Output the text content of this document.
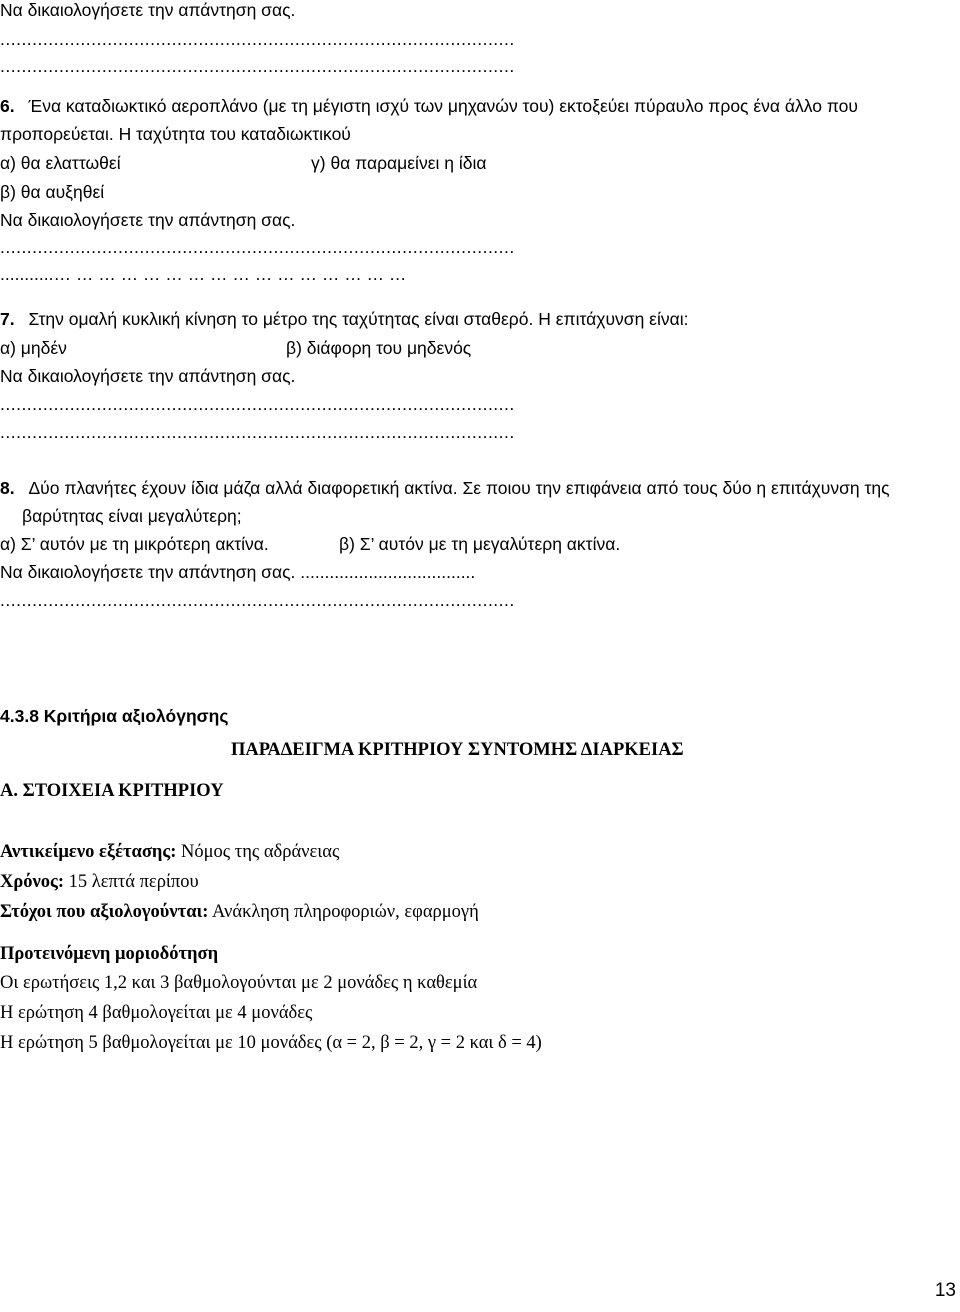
Να δικαιολογήσετε την απάντηση σας.
................................................................................................
................................................................................................
6. Ένα καταδιωκτικό αεροπλάνο (με τη μέγιστη ισχύ των μηχανών του) εκτοξεύει πύραυλο προς ένα άλλο που
προπορεύεται. Η ταχύτητα του καταδιωκτικού
α) θα ελαττωθεί	γ) θα παραμείνει η ίδια
β) θα αυξηθεί
Να δικαιολογήσετε την απάντηση σας.
................................................................................................
...........… … … … … … … … … … … … … … … …
7. Στην ομαλή κυκλική κίνηση το μέτρο της ταχύτητας είναι σταθερό. Η επιτάχυνση είναι:
α) μηδέν	β) διάφορη του μηδενός
Να δικαιολογήσετε την απάντηση σας.
................................................................................................
................................................................................................
8. Δύο πλανήτες έχουν ίδια μάζα αλλά διαφορετική ακτίνα. Σε ποιου την επιφάνεια από τους δύο η επιτάχυνση της
βαρύτητας είναι μεγαλύτερη;
α) Σ’ αυτόν με τη μικρότερη ακτίνα.	β) Σ’ αυτόν με τη μεγαλύτερη ακτίνα.
Να δικαιολογήσετε την απάντηση σας. ....................................
................................................................................................
4.3.8 Κριτήρια αξιολόγησης
ΠΑΡΑΔΕΙΓΜΑ ΚΡΙΤΗΡΙΟΥ ΣΥΝΤΟΜΗΣ ΔΙΑΡΚΕΙΑΣ
Α. ΣΤΟΙΧΕΙΑ ΚΡΙΤΗΡΙΟΥ
Αντικείμενο εξέτασης: Νόμος της αδράνειας
Χρόνος: 15 λεπτά περίπου
Στόχοι που αξιολογούνται: Ανάκληση πληροφοριών, εφαρμογή
Προτεινόμενη μοριοδότηση
Οι ερωτήσεις 1,2 και 3 βαθμολογούνται με 2 μονάδες η καθεμία
Η ερώτηση 4 βαθμολογείται με 4 μονάδες
Η ερώτηση 5 βαθμολογείται με 10 μονάδες (α = 2, β = 2, γ = 2 και δ = 4)
13
